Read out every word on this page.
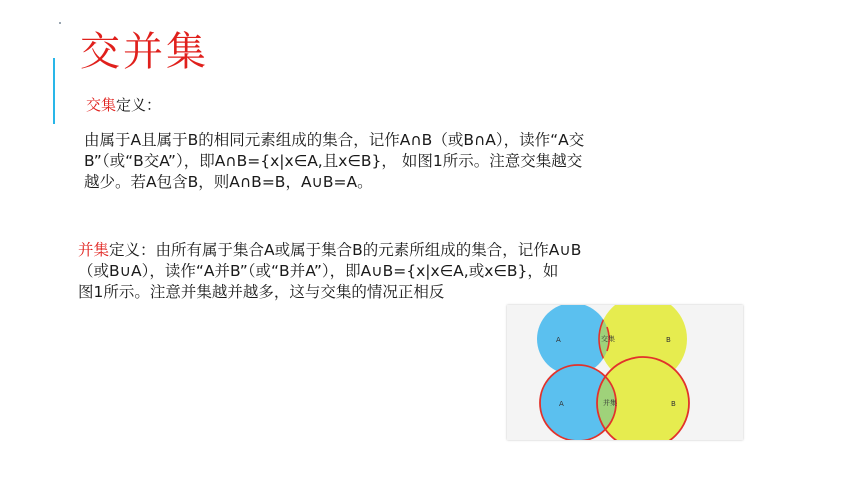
交并集
交集定义：
由属于A且属于B的相同元素组成的集合，记作A∩B（或B∩A），读作“A交
B”（或“B交A”），即A∩B={x|x∈A,且x∈B}， 如图1所示。注意交集越交
越少。若A包含B，则A∩B=B，A∪B=A。
并集定义：由所有属于集合A或属于集合B的元素所组成的集合，记作A∪B
（或B∪A），读作“A并B”（或“B并A”），即A∪B={x|x∈A,或x∈B}，如
图1所示。注意并集越并越多，这与交集的情况正相反
A	交集	B
A	并集	B
